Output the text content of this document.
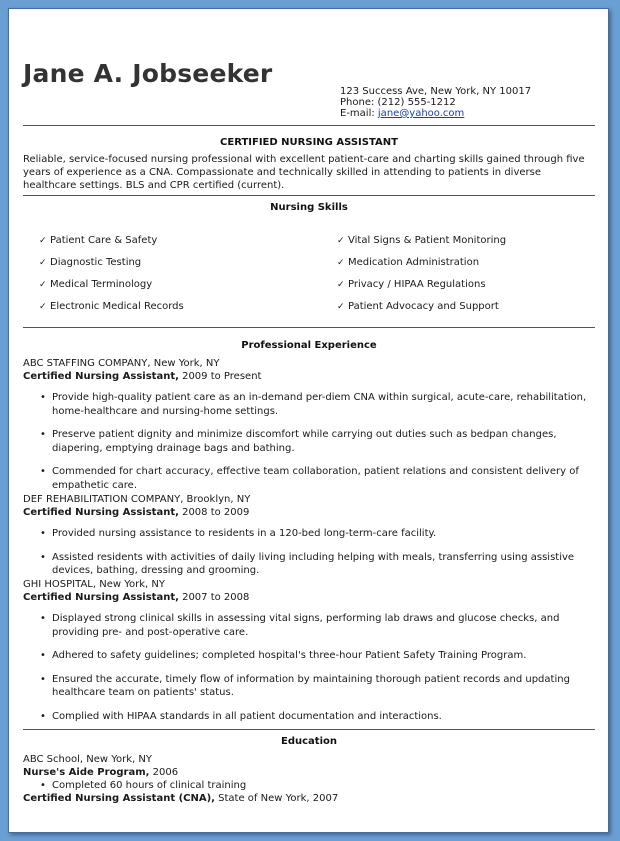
Jane A. Jobseeker
123 Success Ave, New York, NY 10017
Phone: (212) 555-1212
E-mail: jane@yahoo.com
CERTIFIED NURSING ASSISTANT
Reliable, service-focused nursing professional with excellent patient-care and charting skills gained through five years of experience as a CNA. Compassionate and technically skilled in attending to patients in diverse healthcare settings. BLS and CPR certified (current).
Nursing Skills
✓ Patient Care & Safety
✓ Diagnostic Testing
✓ Medical Terminology
✓ Electronic Medical Records
✓ Vital Signs & Patient Monitoring
✓ Medication Administration
✓ Privacy / HIPAA Regulations
✓ Patient Advocacy and Support
Professional Experience
ABC STAFFING COMPANY, New York, NY
Certified Nursing Assistant, 2009 to Present
• Provide high-quality patient care as an in-demand per-diem CNA within surgical, acute-care, rehabilitation, home-healthcare and nursing-home settings.
• Preserve patient dignity and minimize discomfort while carrying out duties such as bedpan changes, diapering, emptying drainage bags and bathing.
• Commended for chart accuracy, effective team collaboration, patient relations and consistent delivery of empathetic care.
DEF REHABILITATION COMPANY, Brooklyn, NY
Certified Nursing Assistant, 2008 to 2009
• Provided nursing assistance to residents in a 120-bed long-term-care facility.
• Assisted residents with activities of daily living including helping with meals, transferring using assistive devices, bathing, dressing and grooming.
GHI HOSPITAL, New York, NY
Certified Nursing Assistant, 2007 to 2008
• Displayed strong clinical skills in assessing vital signs, performing lab draws and glucose checks, and providing pre- and post-operative care.
• Adhered to safety guidelines; completed hospital's three-hour Patient Safety Training Program.
• Ensured the accurate, timely flow of information by maintaining thorough patient records and updating healthcare team on patients' status.
• Complied with HIPAA standards in all patient documentation and interactions.
Education
ABC School, New York, NY
Nurse's Aide Program, 2006
• Completed 60 hours of clinical training
Certified Nursing Assistant (CNA), State of New York, 2007
